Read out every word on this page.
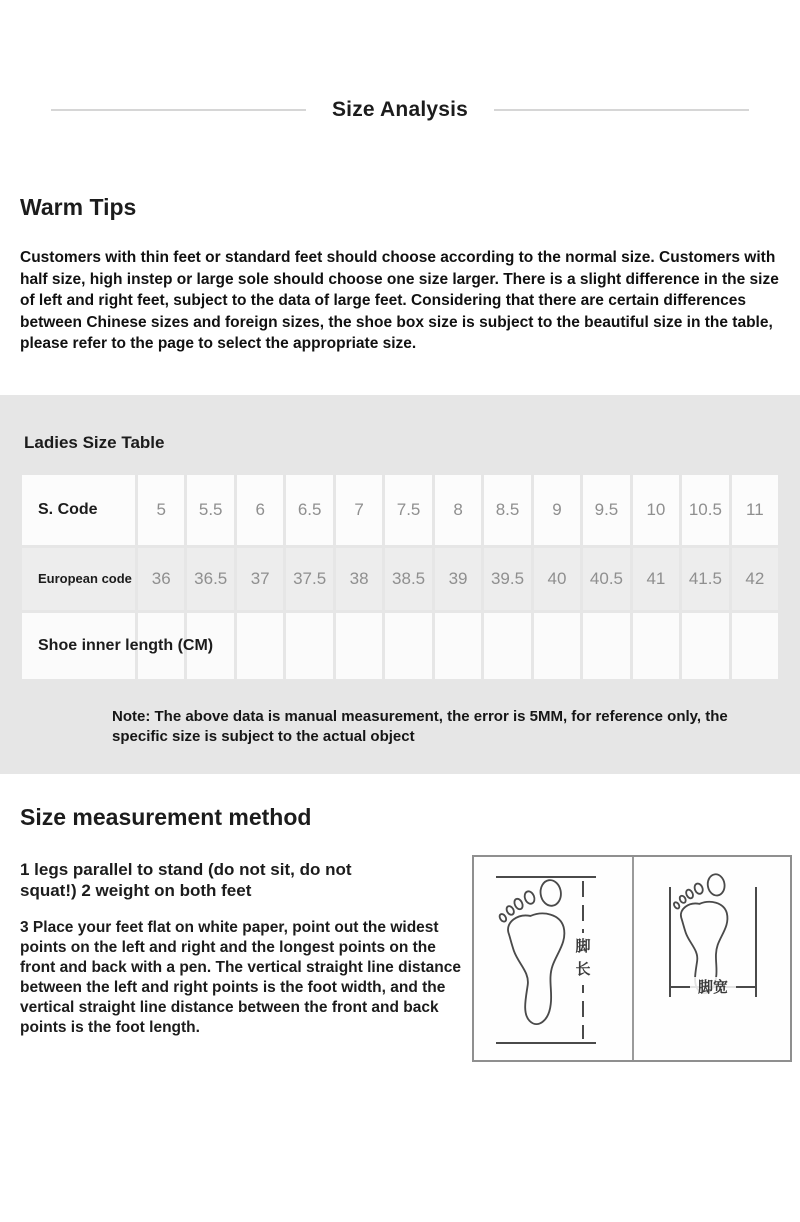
Size Analysis
Warm Tips

Customers with thin feet or standard feet should choose according to the normal size. Customers with half size, high instep or large sole should choose one size larger. There is a slight difference in the size of left and right feet, subject to the data of large feet. Considering that there are certain differences between Chinese sizes and foreign sizes, the shoe box size is subject to the beautiful size in the table, please refer to the page to select the appropriate size.

Ladies Size Table
S. Code	5	5.5	6	6.5	7	7.5	8	8.5	9	9.5	10	10.5	11
European code	36	36.5	37	37.5	38	38.5	39	39.5	40	40.5	41	41.5	42
Shoe inner length (CM)

Note: The above data is manual measurement, the error is 5MM, for reference only, the specific size is subject to the actual object

Size measurement method

1 legs parallel to stand (do not sit, do not squat!) 2 weight on both feet

3 Place your feet flat on white paper, point out the widest points on the left and right and the longest points on the front and back with a pen. The vertical straight line distance between the left and right points is the foot width, and the vertical straight line distance between the front and back points is the foot length.

脚
长
脚宽
